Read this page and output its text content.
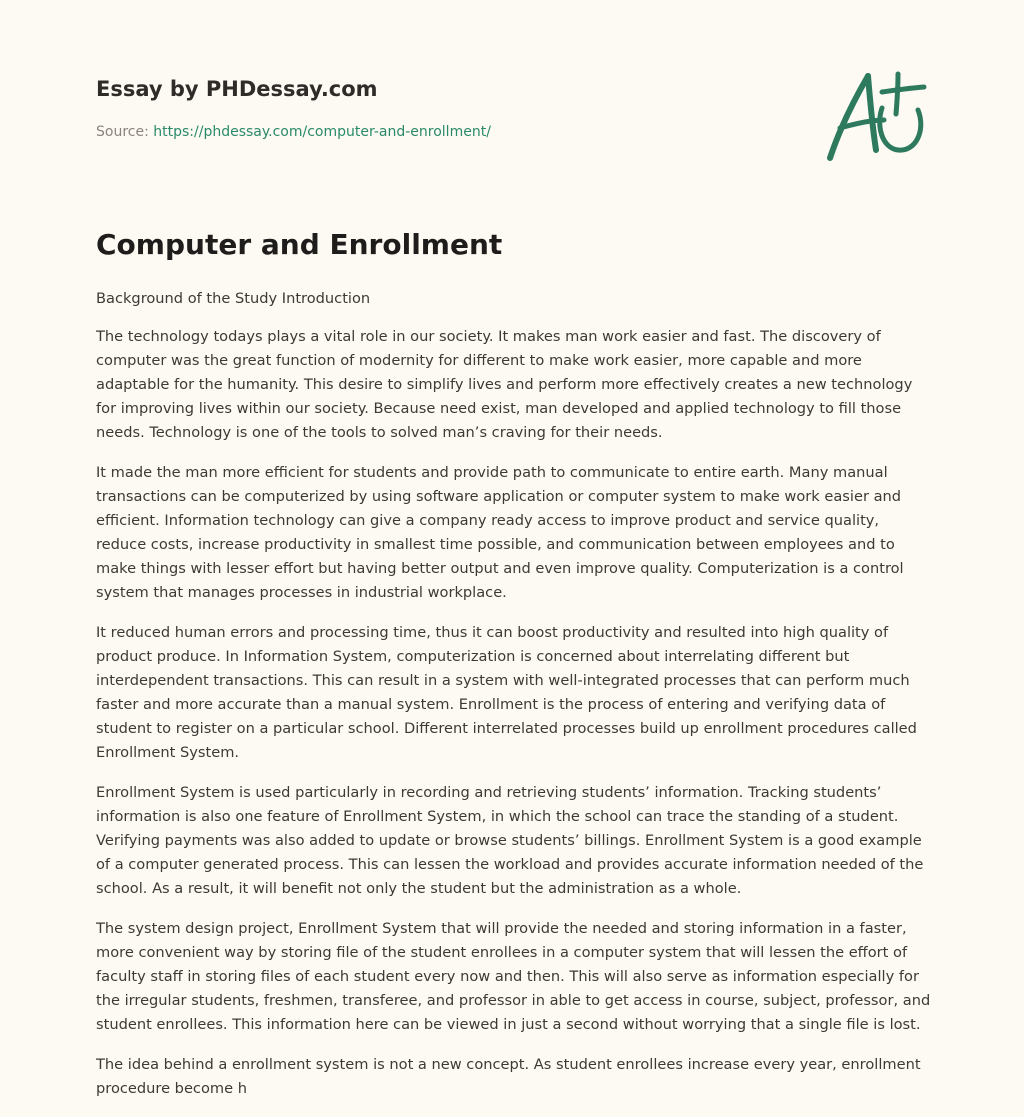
Essay by PHDessay.com
Source: https://phdessay.com/computer-and-enrollment/
Computer and Enrollment

Background of the Study Introduction

The technology todays plays a vital role in our society. It makes man work easier and fast. The discovery of computer was the great function of modernity for different to make work easier, more capable and more adaptable for the humanity. This desire to simplify lives and perform more effectively creates a new technology for improving lives within our society. Because need exist, man developed and applied technology to fill those needs. Technology is one of the tools to solved man’s craving for their needs.

It made the man more efficient for students and provide path to communicate to entire earth. Many manual transactions can be computerized by using software application or computer system to make work easier and efficient. Information technology can give a company ready access to improve product and service quality, reduce costs, increase productivity in smallest time possible, and communication between employees and to make things with lesser effort but having better output and even improve quality. Computerization is a control system that manages processes in industrial workplace.

It reduced human errors and processing time, thus it can boost productivity and resulted into high quality of product produce. In Information System, computerization is concerned about interrelating different but interdependent transactions. This can result in a system with well-integrated processes that can perform much faster and more accurate than a manual system. Enrollment is the process of entering and verifying data of student to register on a particular school. Different interrelated processes build up enrollment procedures called Enrollment System.

Enrollment System is used particularly in recording and retrieving students’ information. Tracking students’ information is also one feature of Enrollment System, in which the school can trace the standing of a student. Verifying payments was also added to update or browse students’ billings. Enrollment System is a good example of a computer generated process. This can lessen the workload and provides accurate information needed of the school. As a result, it will benefit not only the student but the administration as a whole.

The system design project, Enrollment System that will provide the needed and storing information in a faster, more convenient way by storing file of the student enrollees in a computer system that will lessen the effort of faculty staff in storing files of each student every now and then. This will also serve as information especially for the irregular students, freshmen, transferee, and professor in able to get access in course, subject, professor, and student enrollees. This information here can be viewed in just a second without worrying that a single file is lost.

The idea behind a enrollment system is not a new concept. As student enrollees increase every year, enrollment procedure become h
